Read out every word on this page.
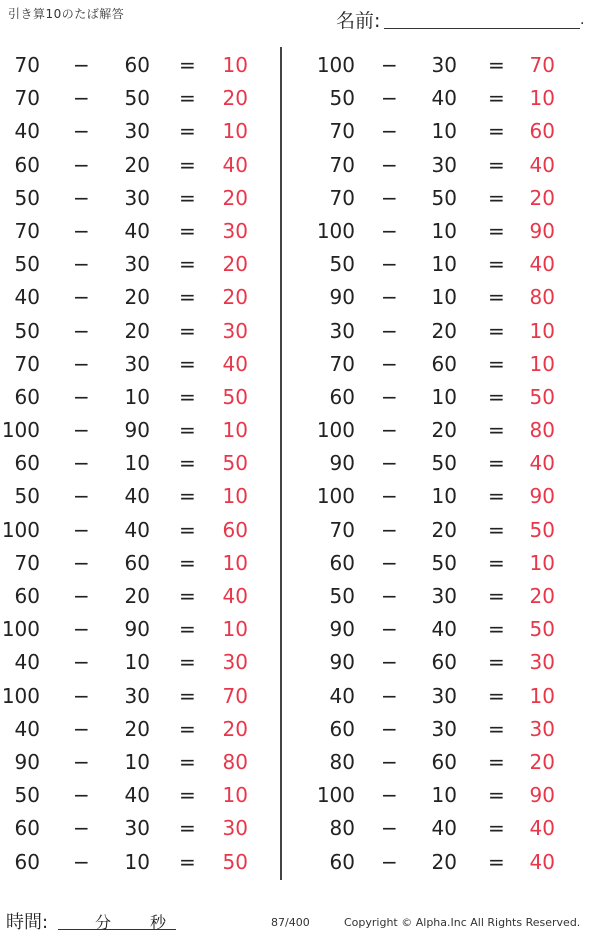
引き算10のたば解答	名前:	.
70 − 60 = 10
70 − 50 = 20
40 − 30 = 10
60 − 20 = 40
50 − 30 = 20
70 − 40 = 30
50 − 30 = 20
40 − 20 = 20
50 − 20 = 30
70 − 30 = 40
60 − 10 = 50
100 − 90 = 10
60 − 10 = 50
50 − 40 = 10
100 − 40 = 60
70 − 60 = 10
60 − 20 = 40
100 − 90 = 10
40 − 10 = 30
100 − 30 = 70
40 − 20 = 20
90 − 10 = 80
50 − 40 = 10
60 − 30 = 30
60 − 10 = 50
100 − 30 = 70
50 − 40 = 10
70 − 10 = 60
70 − 30 = 40
70 − 50 = 20
100 − 10 = 90
50 − 10 = 40
90 − 10 = 80
30 − 20 = 10
70 − 60 = 10
60 − 10 = 50
100 − 20 = 80
90 − 50 = 40
100 − 10 = 90
70 − 20 = 50
60 − 50 = 10
50 − 30 = 20
90 − 40 = 50
90 − 60 = 30
40 − 30 = 10
60 − 30 = 30
80 − 60 = 20
100 − 10 = 90
80 − 40 = 40
60 − 20 = 40
時間:	分 秒	87/400	Copyright © Alpha.Inc All Rights Reserved.
